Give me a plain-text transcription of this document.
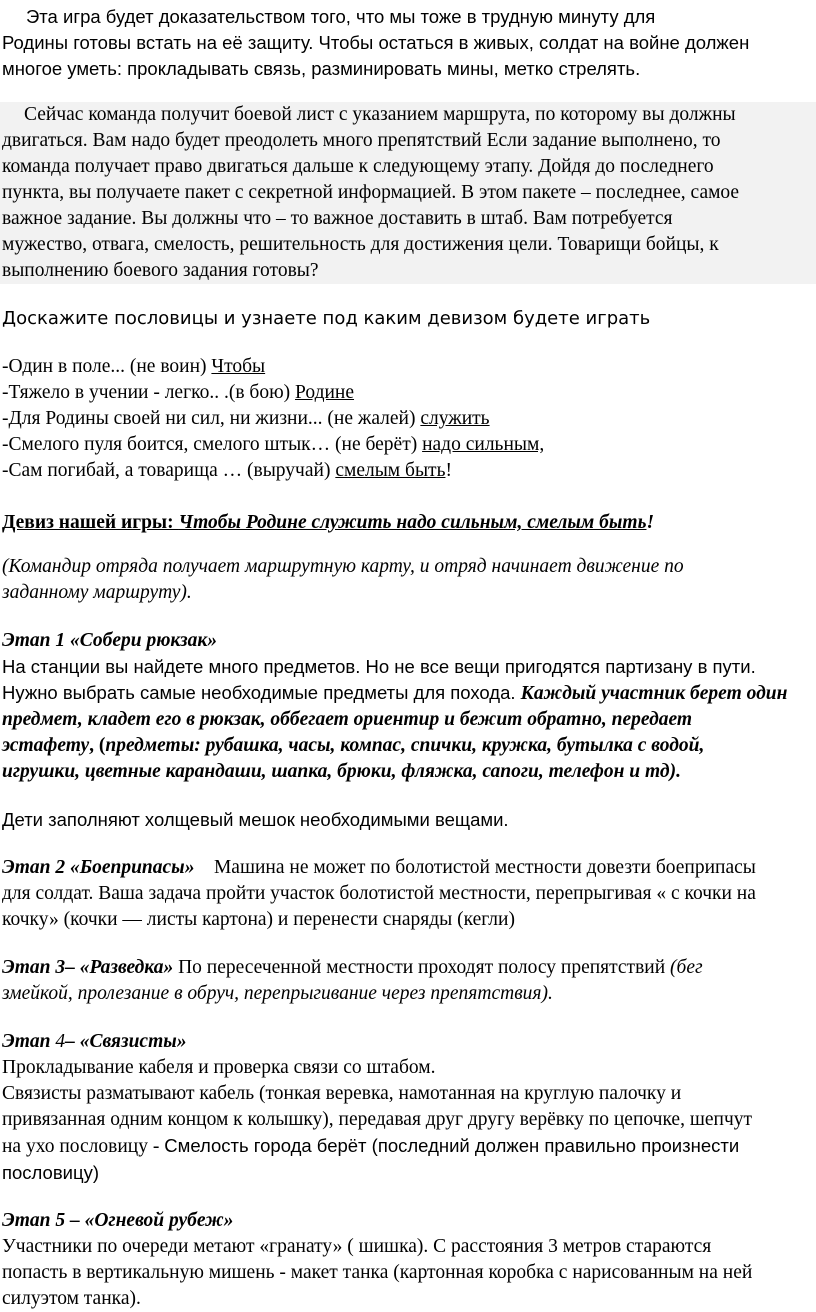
Эта игра будет доказательством того, что мы тоже в трудную минуту для

Родины готовы встать на её защиту. Чтобы остаться в живых, солдат на войне должен

многое уметь: прокладывать связь, разминировать мины, метко стрелять.

Сейчас команда получит боевой лист с указанием маршрута, по которому вы должны

двигаться. Вам надо будет преодолеть много препятствий Если задание выполнено, то

команда получает право двигаться дальше к следующему этапу. Дойдя до последнего

пункта, вы получаете пакет с секретной информацией. В этом пакете – последнее, самое

важное задание. Вы должны что – то важное доставить в штаб. Вам потребуется

мужество, отвага, смелость, решительность для достижения цели. Товарищи бойцы, к

выполнению боевого задания готовы?

Доскажите пословицы и узнаете под каким девизом будете играть

-Один в поле... (не воин) Чтобы

-Тяжело в учении - легко.. .(в бою) Родине

-Для Родины своей ни сил, ни жизни... (не жалей) служить

-Смелого пуля боится, смелого штык… (не берёт) надо сильным,

-Сам погибай, а товарища … (выручай) смелым быть!

Девиз нашей игры: Чтобы Родине служить надо сильным, смелым быть!

(Командир отряда получает маршрутную карту, и отряд начинает движение по

заданному маршруту).

Этап 1 «Собери рюкзак»

На станции вы найдете много предметов. Но не все вещи пригодятся партизану в пути.

Нужно выбрать самые необходимые предметы для похода. Каждый участник берет один

предмет, кладет его в рюкзак, оббегает ориентир и бежит обратно, передает

эстафету, (предметы: рубашка, часы, компас, спички, кружка, бутылка с водой,

игрушки, цветные карандаши, шапка, брюки, фляжка, сапоги, телефон и тд).

Дети заполняют холщевый мешок необходимыми вещами.

Этап 2 «Боеприпасы»    Машина не может по болотистой местности довезти боеприпасы

для солдат. Ваша задача пройти участок болотистой местности, перепрыгивая « с кочки на

кочку» (кочки — листы картона) и перенести снаряды (кегли)

Этап 3– «Разведка» По пересеченной местности проходят полосу препятствий (бег

змейкой, пролезание в обруч, перепрыгивание через препятствия).

Этап 4– «Связисты»

Прокладывание кабеля и проверка связи со штабом.

Связисты разматывают кабель (тонкая веревка, намотанная на круглую палочку и

привязанная одним концом к колышку), передавая друг другу верёвку по цепочке, шепчут

на ухо пословицу - Смелость города берёт (последний должен правильно произнести

пословицу)

Этап 5 – «Огневой рубеж»

Участники по очереди метают «гранату» ( шишка). С расстояния 3 метров стараются

попасть в вертикальную мишень - макет танка (картонная коробка с нарисованным на ней

силуэтом танка).
